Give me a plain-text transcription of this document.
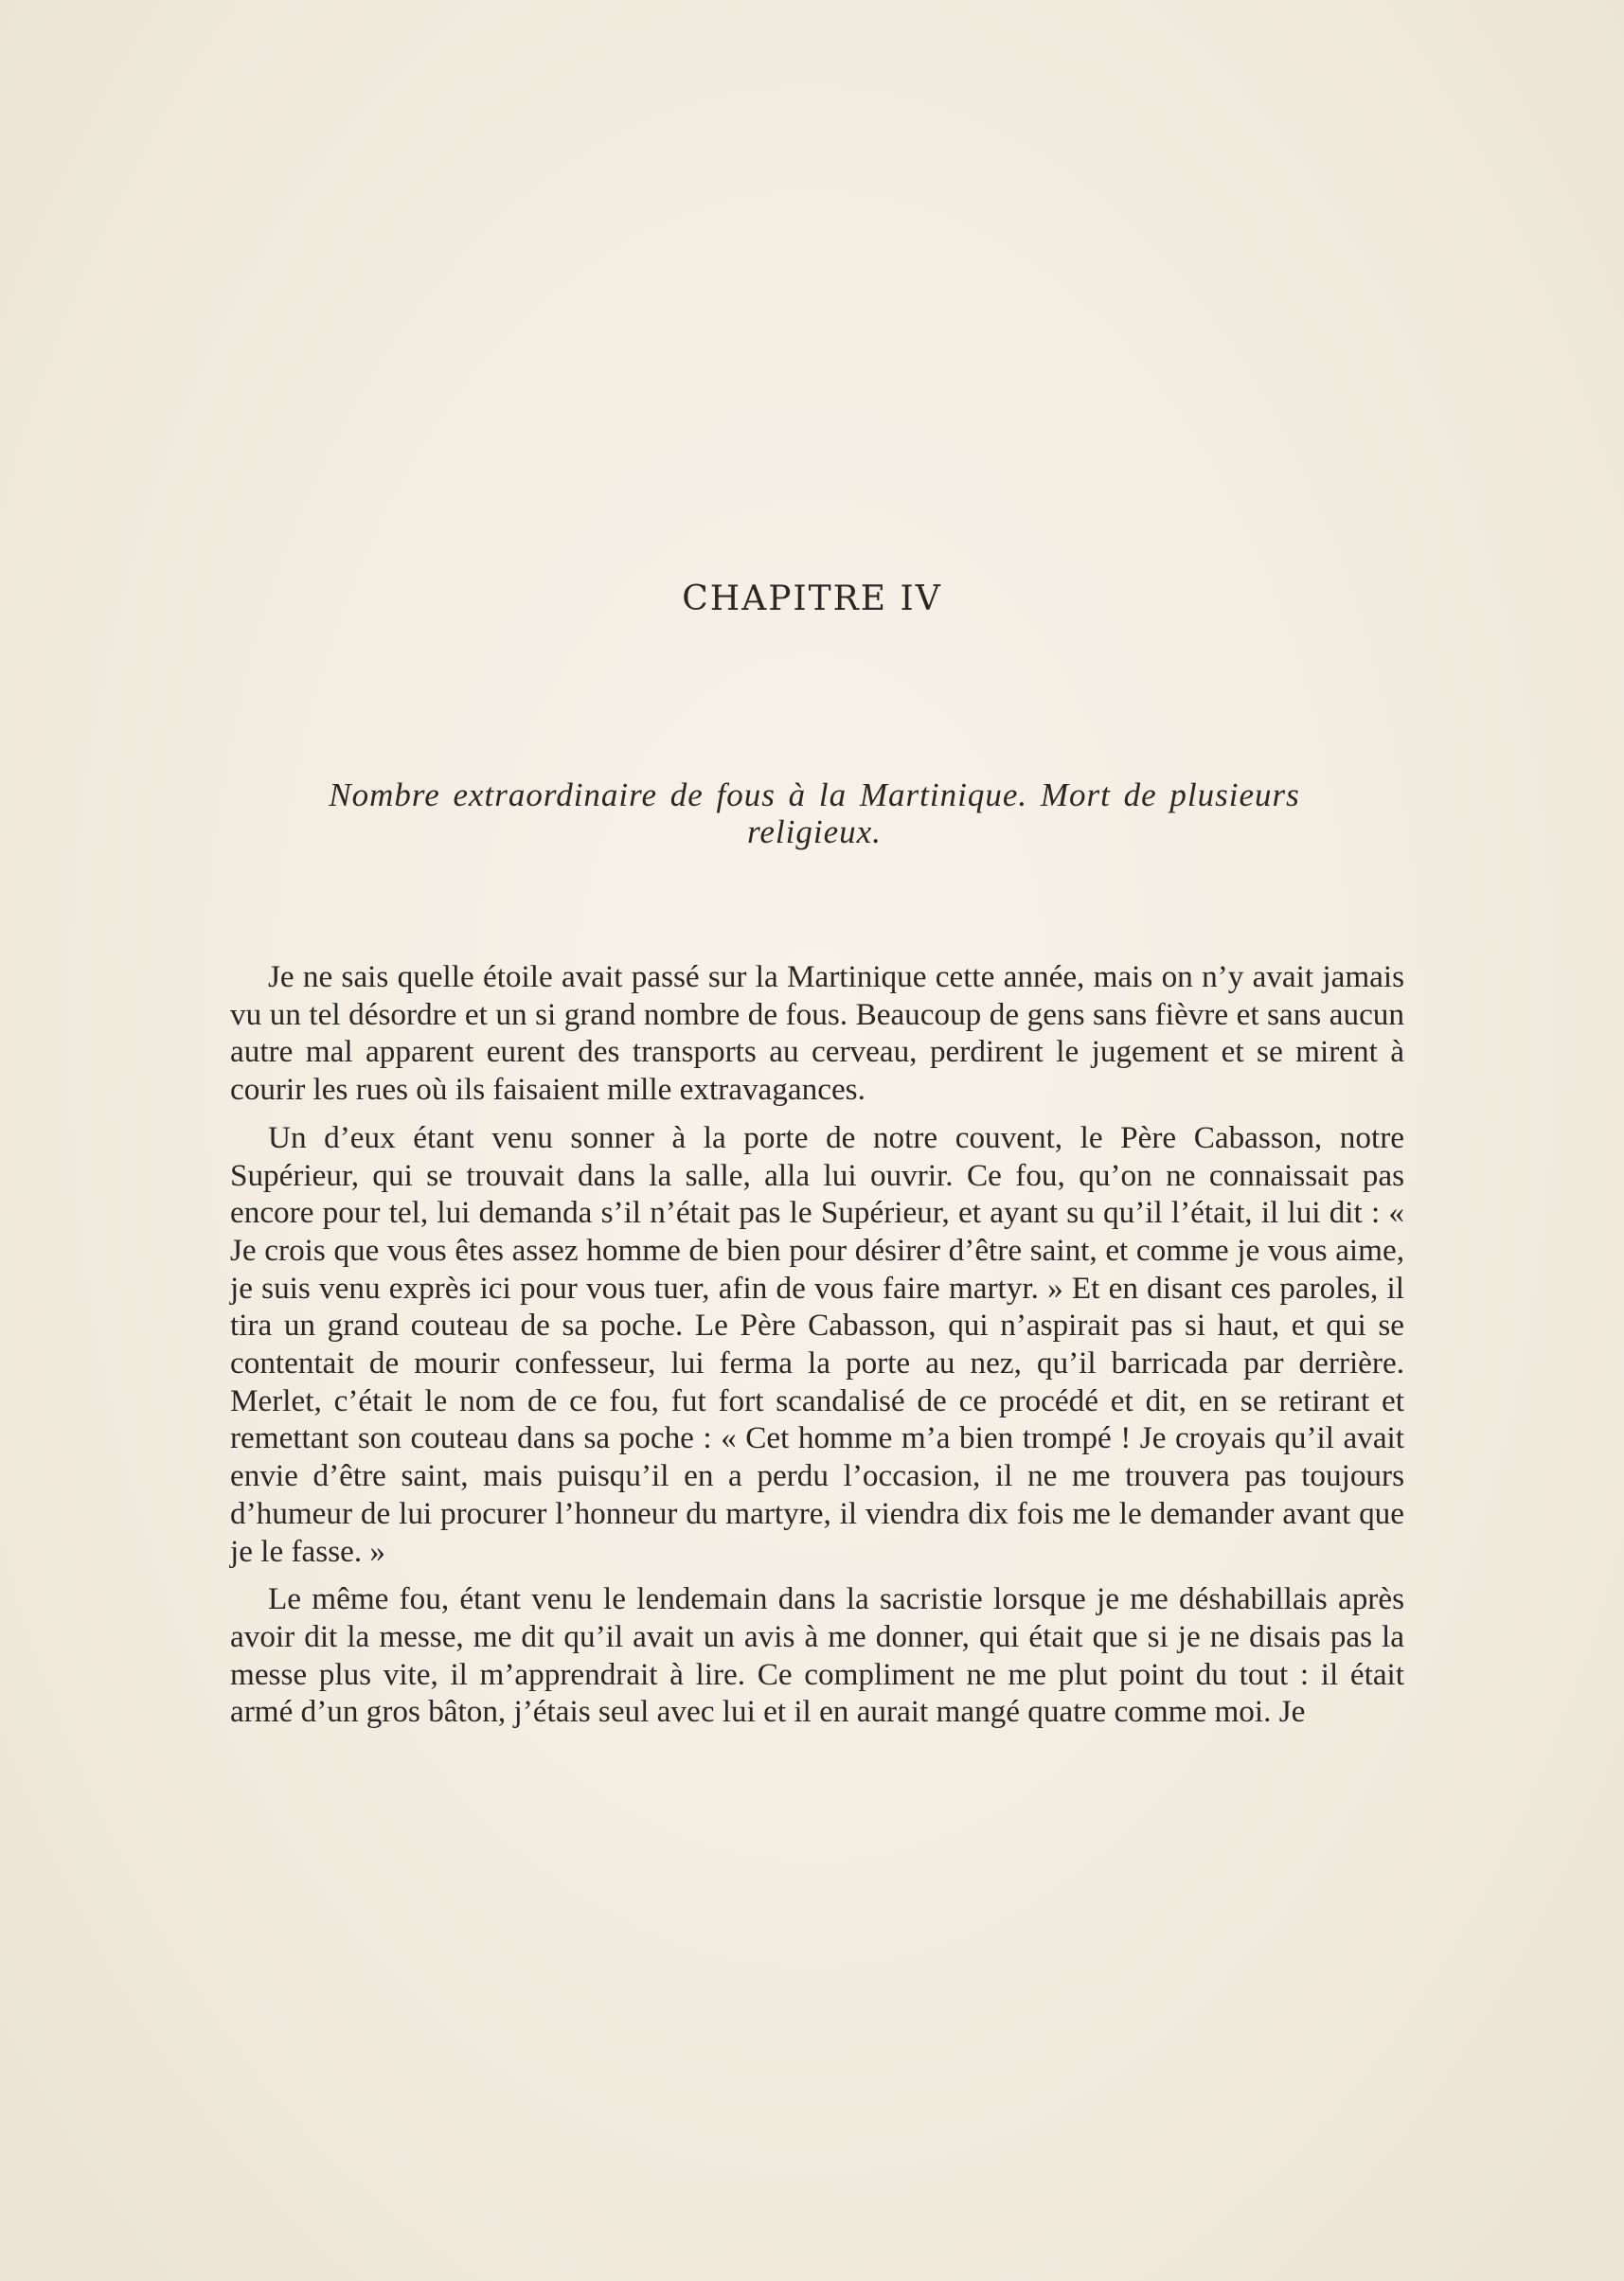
CHAPITRE IV
Nombre extraordinaire de fous à la Martinique. Mort de plusieurs religieux.

Je ne sais quelle étoile avait passé sur la Martinique cette année, mais on n’y avait jamais vu un tel désordre et un si grand nombre de fous. Beaucoup de gens sans fièvre et sans aucun autre mal apparent eurent des transports au cerveau, perdirent le jugement et se mirent à courir les rues où ils faisaient mille extravagances.

Un d’eux étant venu sonner à la porte de notre couvent, le Père Cabasson, notre Supérieur, qui se trouvait dans la salle, alla lui ouvrir. Ce fou, qu’on ne connaissait pas encore pour tel, lui demanda s’il n’était pas le Supérieur, et ayant su qu’il l’était, il lui dit : « Je crois que vous êtes assez homme de bien pour désirer d’être saint, et comme je vous aime, je suis venu exprès ici pour vous tuer, afin de vous faire martyr. » Et en disant ces paroles, il tira un grand couteau de sa poche. Le Père Cabasson, qui n’aspirait pas si haut, et qui se contentait de mourir confesseur, lui ferma la porte au nez, qu’il barricada par derrière. Merlet, c’était le nom de ce fou, fut fort scandalisé de ce procédé et dit, en se retirant et remettant son couteau dans sa poche : « Cet homme m’a bien trompé ! Je croyais qu’il avait envie d’être saint, mais puisqu’il en a perdu l’occasion, il ne me trouvera pas toujours d’humeur de lui procurer l’honneur du martyre, il viendra dix fois me le demander avant que je le fasse. »

Le même fou, étant venu le lendemain dans la sacristie lorsque je me déshabillais après avoir dit la messe, me dit qu’il avait un avis à me donner, qui était que si je ne disais pas la messe plus vite, il m’apprendrait à lire. Ce compliment ne me plut point du tout : il était armé d’un gros bâton, j’étais seul avec lui et il en aurait mangé quatre comme moi. Je
